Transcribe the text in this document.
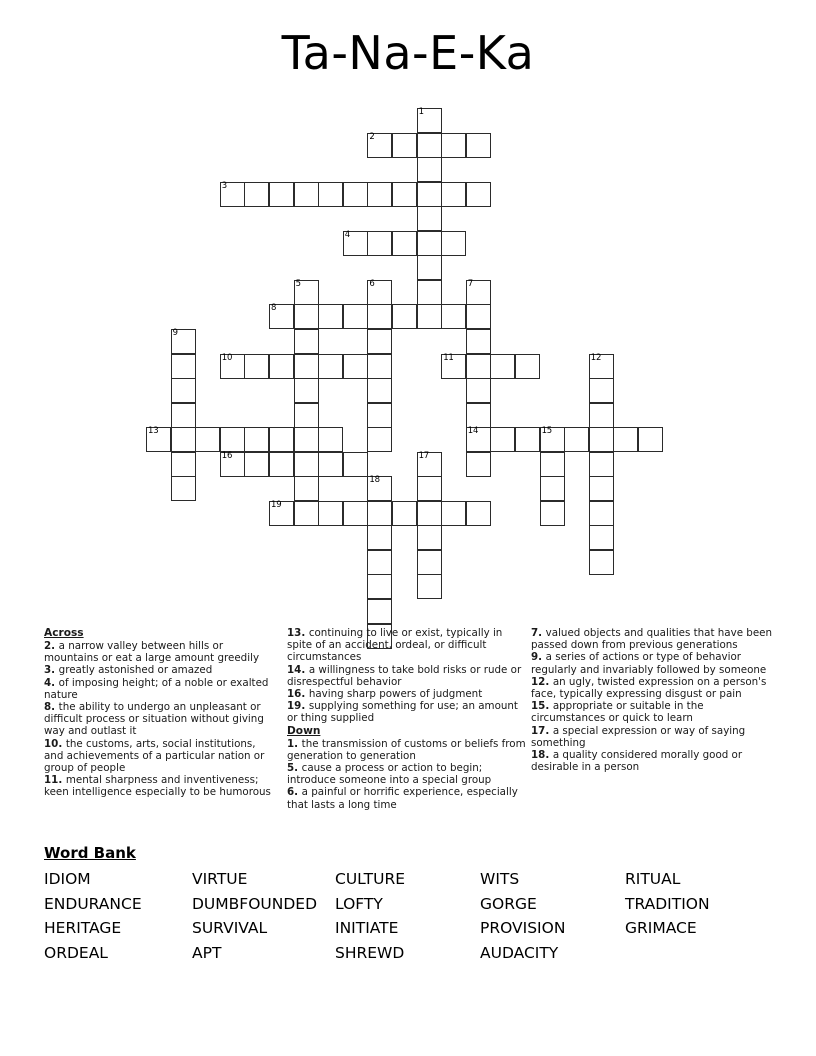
Ta-Na-E-Ka
1
2
3
4
5	6	7
8
9
10	11	12
13	14	15
16	17
18
19
Across
2. a narrow valley between hills or mountains or eat a large amount greedily
3. greatly astonished or amazed
4. of imposing height; of a noble or exalted nature
8. the ability to undergo an unpleasant or difficult process or situation without giving way and outlast it
10. the customs, arts, social institutions, and achievements of a particular nation or group of people
11. mental sharpness and inventiveness; keen intelligence especially to be humorous
13. continuing to live or exist, typically in spite of an accident, ordeal, or difficult circumstances
14. a willingness to take bold risks or rude or disrespectful behavior
16. having sharp powers of judgment
19. supplying something for use; an amount or thing supplied
Down
1. the transmission of customs or beliefs from generation to generation
5. cause a process or action to begin; introduce someone into a special group
6. a painful or horrific experience, especially that lasts a long time
7. valued objects and qualities that have been passed down from previous generations
9. a series of actions or type of behavior regularly and invariably followed by someone
12. an ugly, twisted expression on a person's face, typically expressing disgust or pain
15. appropriate or suitable in the circumstances or quick to learn
17. a special expression or way of saying something
18. a quality considered morally good or desirable in a person
Word Bank
IDIOM
ENDURANCE
HERITAGE
ORDEAL
VIRTUE
DUMBFOUNDED
SURVIVAL
APT
CULTURE
LOFTY
INITIATE
SHREWD
WITS
GORGE
PROVISION
AUDACITY
RITUAL
TRADITION
GRIMACE
